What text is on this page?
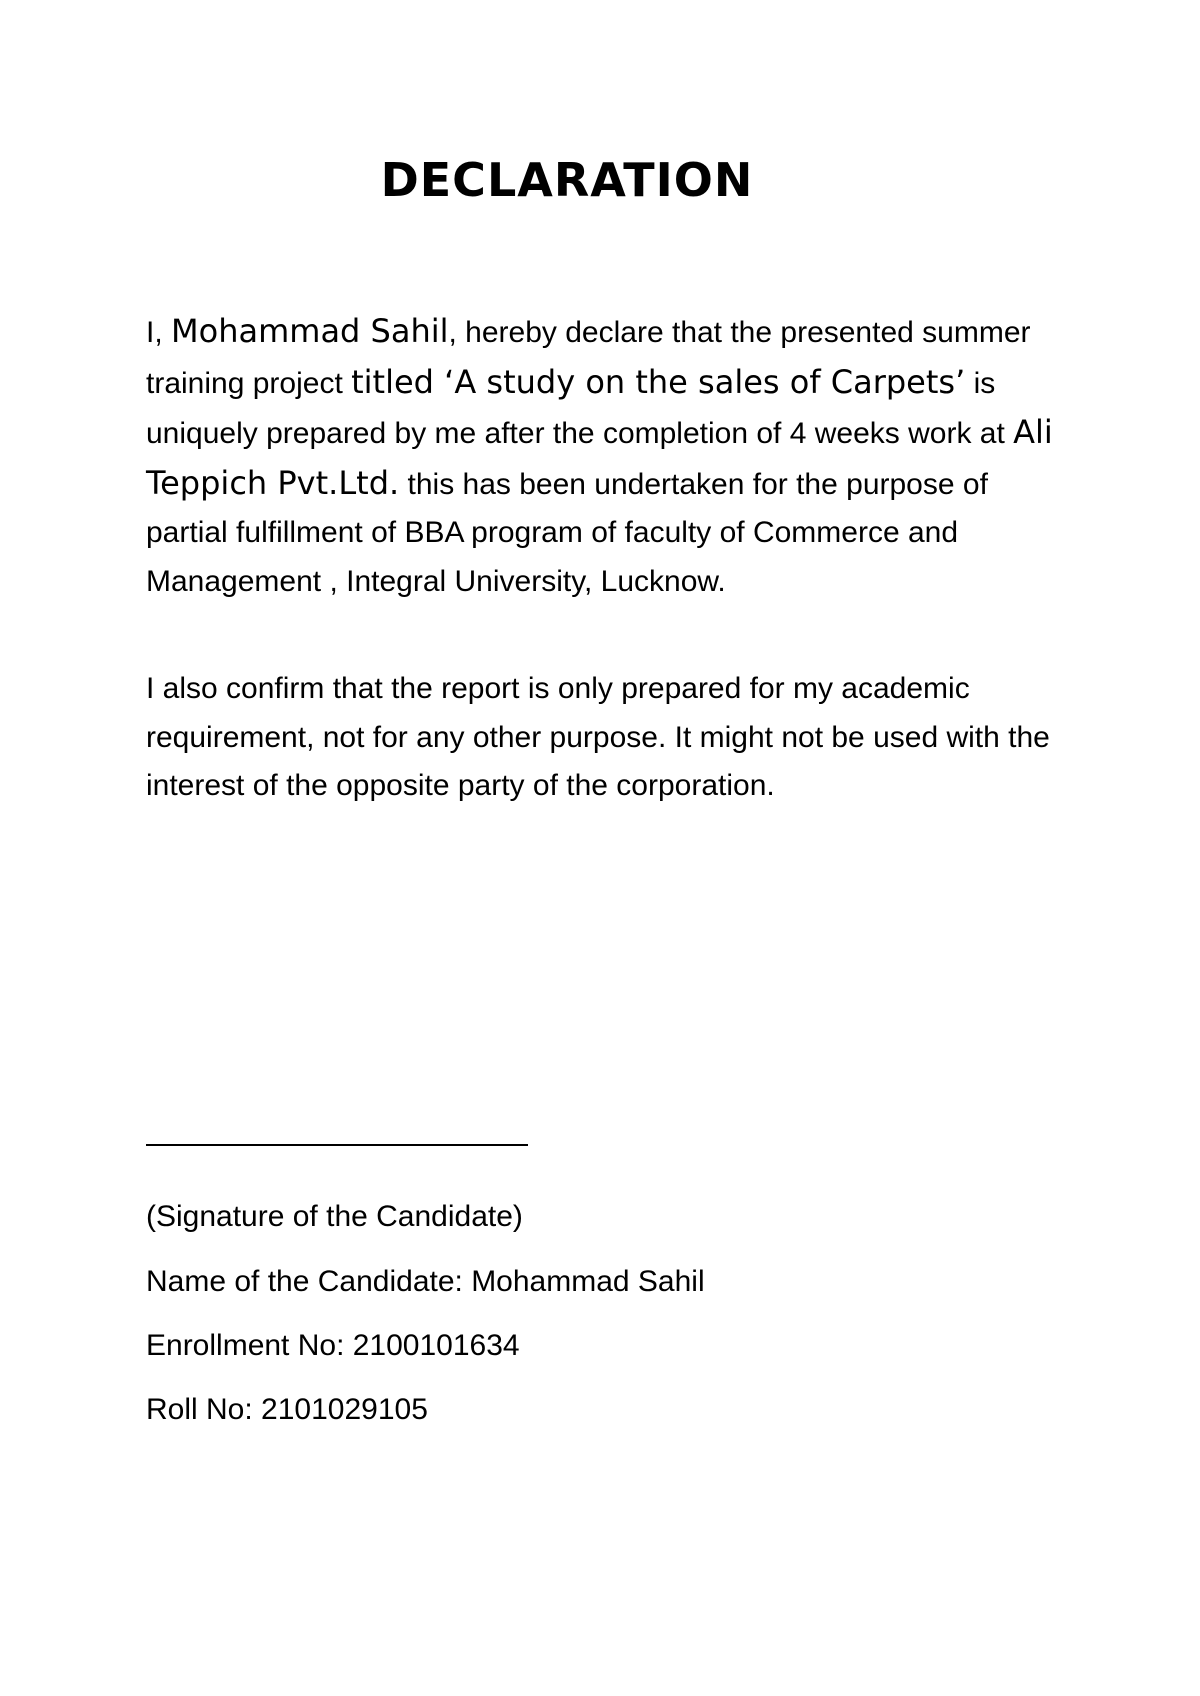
DECLARATION

I, Mohammad Sahil, hereby declare that the presented summer training project titled ‘A study on the sales of Carpets’ is uniquely prepared by me after the completion of 4 weeks work at Ali Teppich Pvt.Ltd. this has been undertaken for the purpose of partial fulfillment of BBA program of faculty of Commerce and Management , Integral University, Lucknow.

I also confirm that the report is only prepared for my academic requirement, not for any other purpose. It might not be used with the interest of the opposite party of the corporation.

(Signature of the Candidate)

Name of the Candidate: Mohammad Sahil

Enrollment No: 2100101634

Roll No: 2101029105
